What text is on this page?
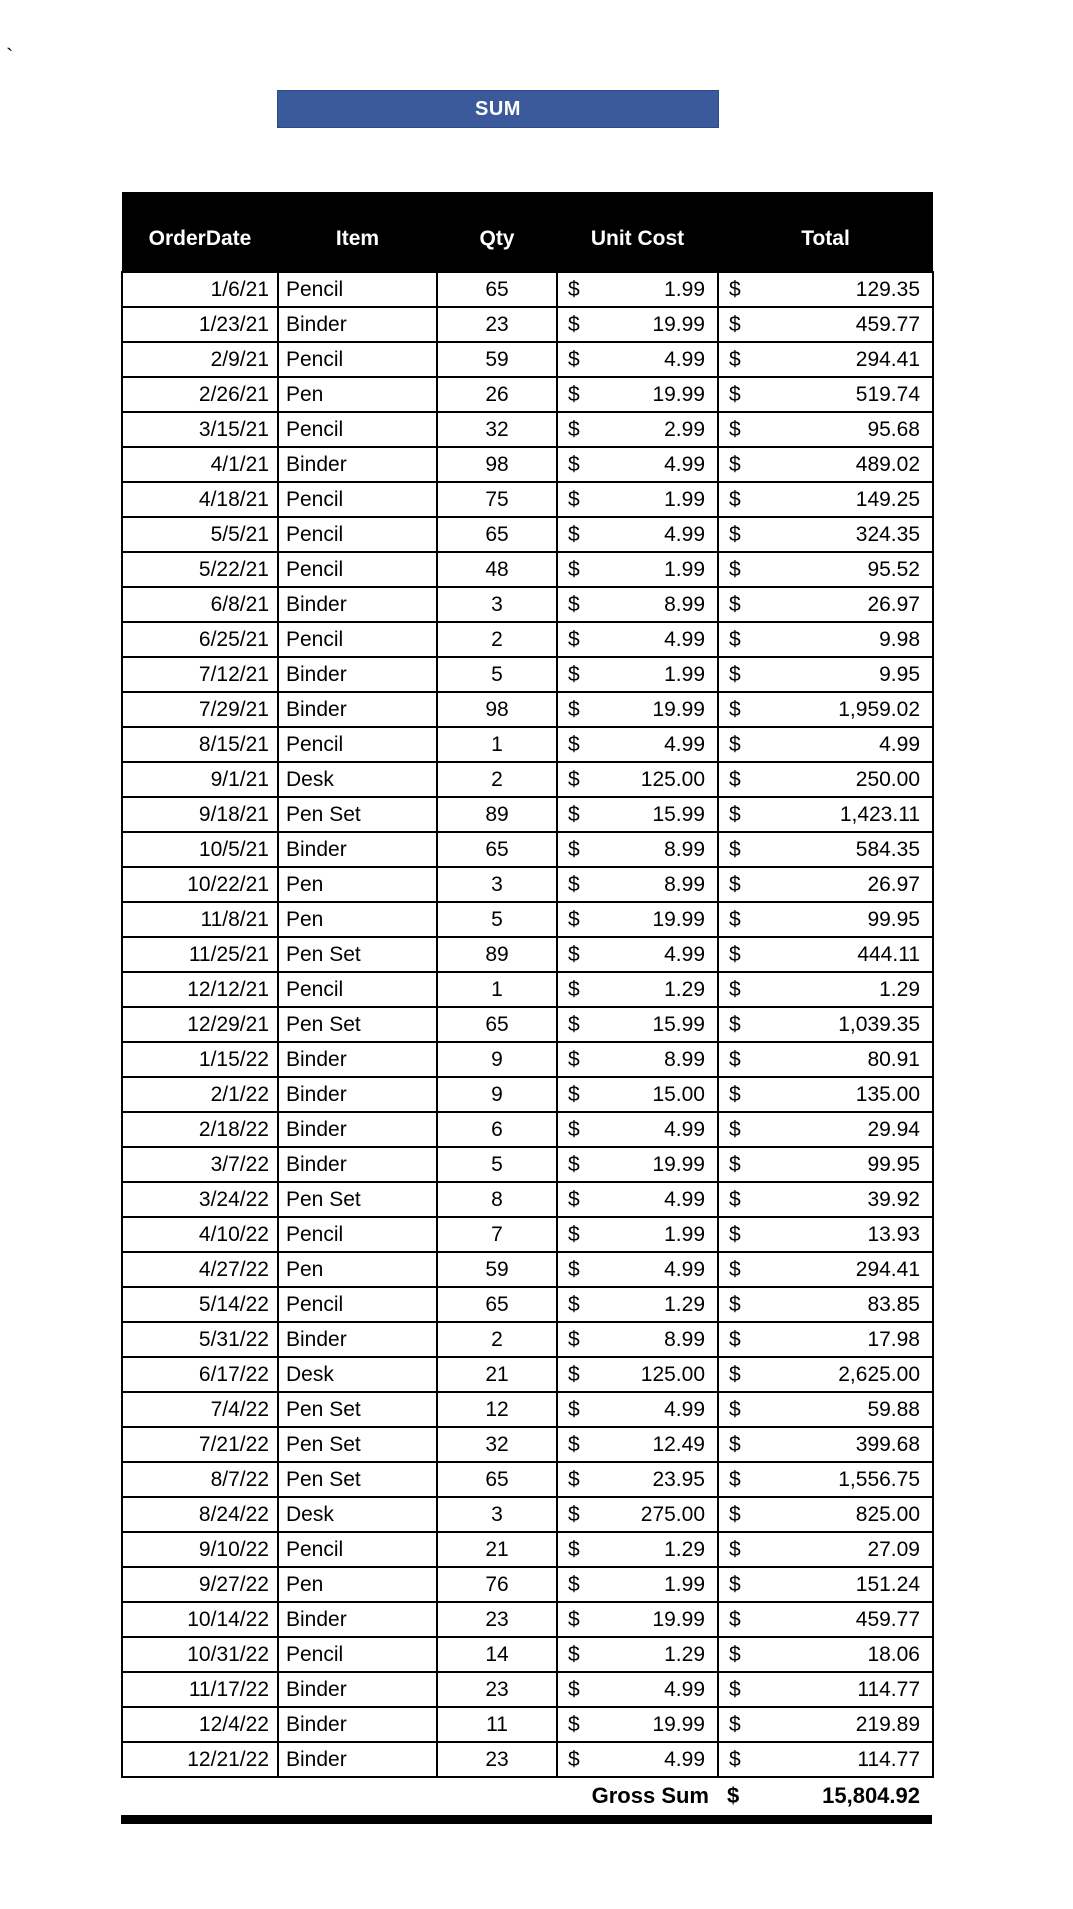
`
SUM
OrderDate	Item	Qty	Unit Cost	Total
1/6/21	Pencil	65	$ 1.99	$ 129.35

1/23/21	Binder	23	$ 19.99	$ 459.77

2/9/21	Pencil	59	$ 4.99	$ 294.41

2/26/21	Pen	26	$ 19.99	$ 519.74

3/15/21	Pencil	32	$ 2.99	$ 95.68

4/1/21	Binder	98	$ 4.99	$ 489.02

4/18/21	Pencil	75	$ 1.99	$ 149.25

5/5/21	Pencil	65	$ 4.99	$ 324.35

5/22/21	Pencil	48	$ 1.99	$ 95.52

6/8/21	Binder	3	$ 8.99	$ 26.97

6/25/21	Pencil	2	$ 4.99	$ 9.98

7/12/21	Binder	5	$ 1.99	$ 9.95

7/29/21	Binder	98	$ 19.99	$ 1,959.02

8/15/21	Pencil	1	$ 4.99	$ 4.99

9/1/21	Desk	2	$ 125.00	$ 250.00

9/18/21	Pen Set	89	$ 15.99	$ 1,423.11

10/5/21	Binder	65	$ 8.99	$ 584.35

10/22/21	Pen	3	$ 8.99	$ 26.97

11/8/21	Pen	5	$ 19.99	$ 99.95

11/25/21	Pen Set	89	$ 4.99	$ 444.11

12/12/21	Pencil	1	$ 1.29	$ 1.29

12/29/21	Pen Set	65	$ 15.99	$ 1,039.35

1/15/22	Binder	9	$ 8.99	$ 80.91

2/1/22	Binder	9	$ 15.00	$ 135.00

2/18/22	Binder	6	$ 4.99	$ 29.94

3/7/22	Binder	5	$ 19.99	$ 99.95

3/24/22	Pen Set	8	$ 4.99	$ 39.92

4/10/22	Pencil	7	$ 1.99	$ 13.93

4/27/22	Pen	59	$ 4.99	$ 294.41

5/14/22	Pencil	65	$ 1.29	$ 83.85

5/31/22	Binder	2	$ 8.99	$ 17.98

6/17/22	Desk	21	$ 125.00	$ 2,625.00

7/4/22	Pen Set	12	$ 4.99	$ 59.88

7/21/22	Pen Set	32	$ 12.49	$ 399.68

8/7/22	Pen Set	65	$ 23.95	$ 1,556.75

8/24/22	Desk	3	$ 275.00	$ 825.00

9/10/22	Pencil	21	$ 1.29	$ 27.09

9/27/22	Pen	76	$ 1.99	$ 151.24

10/14/22	Binder	23	$ 19.99	$ 459.77

10/31/22	Pencil	14	$ 1.29	$ 18.06

11/17/22	Binder	23	$ 4.99	$ 114.77

12/4/22	Binder	11	$ 19.99	$ 219.89

12/21/22	Binder	23	$ 4.99	$ 114.77
Gross Sum $	15,804.92
